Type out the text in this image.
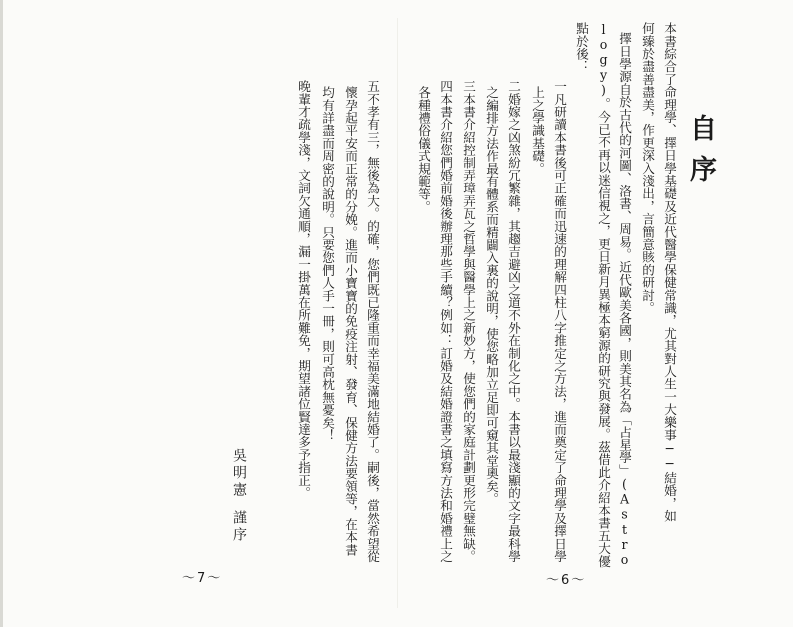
自序
本書綜合了命理學、擇日學基礎及近代醫學保健常識，尤其對人生一大樂事──結婚，如
何臻於盡善盡美，作更深入淺出，言簡意賅的研討。
擇日學源自於古代的河圖、洛書、周易。近代歐美各國，則美其名為「占星學」(Astro
logy)。今已不再以迷信視之，更日新月異極本窮源的研究與發展。茲借此介紹本書五大優
點於後：
一凡研讀本書後可正確而迅速的理解四柱八字推定之方法，進而奠定了命理學及擇日學
上之學識基礎。
二婚嫁之凶煞紛冗繁雜，其趨吉避凶之道不外在制化之中。本書以最淺顯的文字最科學
之編排方法作最有體系而精闢入裏的說明，使您略加立足即可窺其堂奧矣。
三本書介紹控制弄璋弄瓦之哲學與醫學上之新妙方，使您們的家庭計劃更形完璧無缺。
四本書介紹您們婚前婚後辦理那些手續？例如：訂婚及結婚證書之填寫方法和婚禮上之
各種禮俗儀式規範等。
五不孝有三，無後為大。的確，您們既已隆重而幸福美滿地結婚了。嗣後，當然希望從
懷孕起平安而正常的分娩。進而小寶寶的免疫注射、發育、保健方法要領等，在本書
均有詳盡而周密的說明。只要您們人手一冊，則可高枕無憂矣！
晚輩才疏學淺，文詞欠通順，漏一掛萬在所難免，期望諸位賢達多予指正。
吳明憲
謹序
～6～
～7～
